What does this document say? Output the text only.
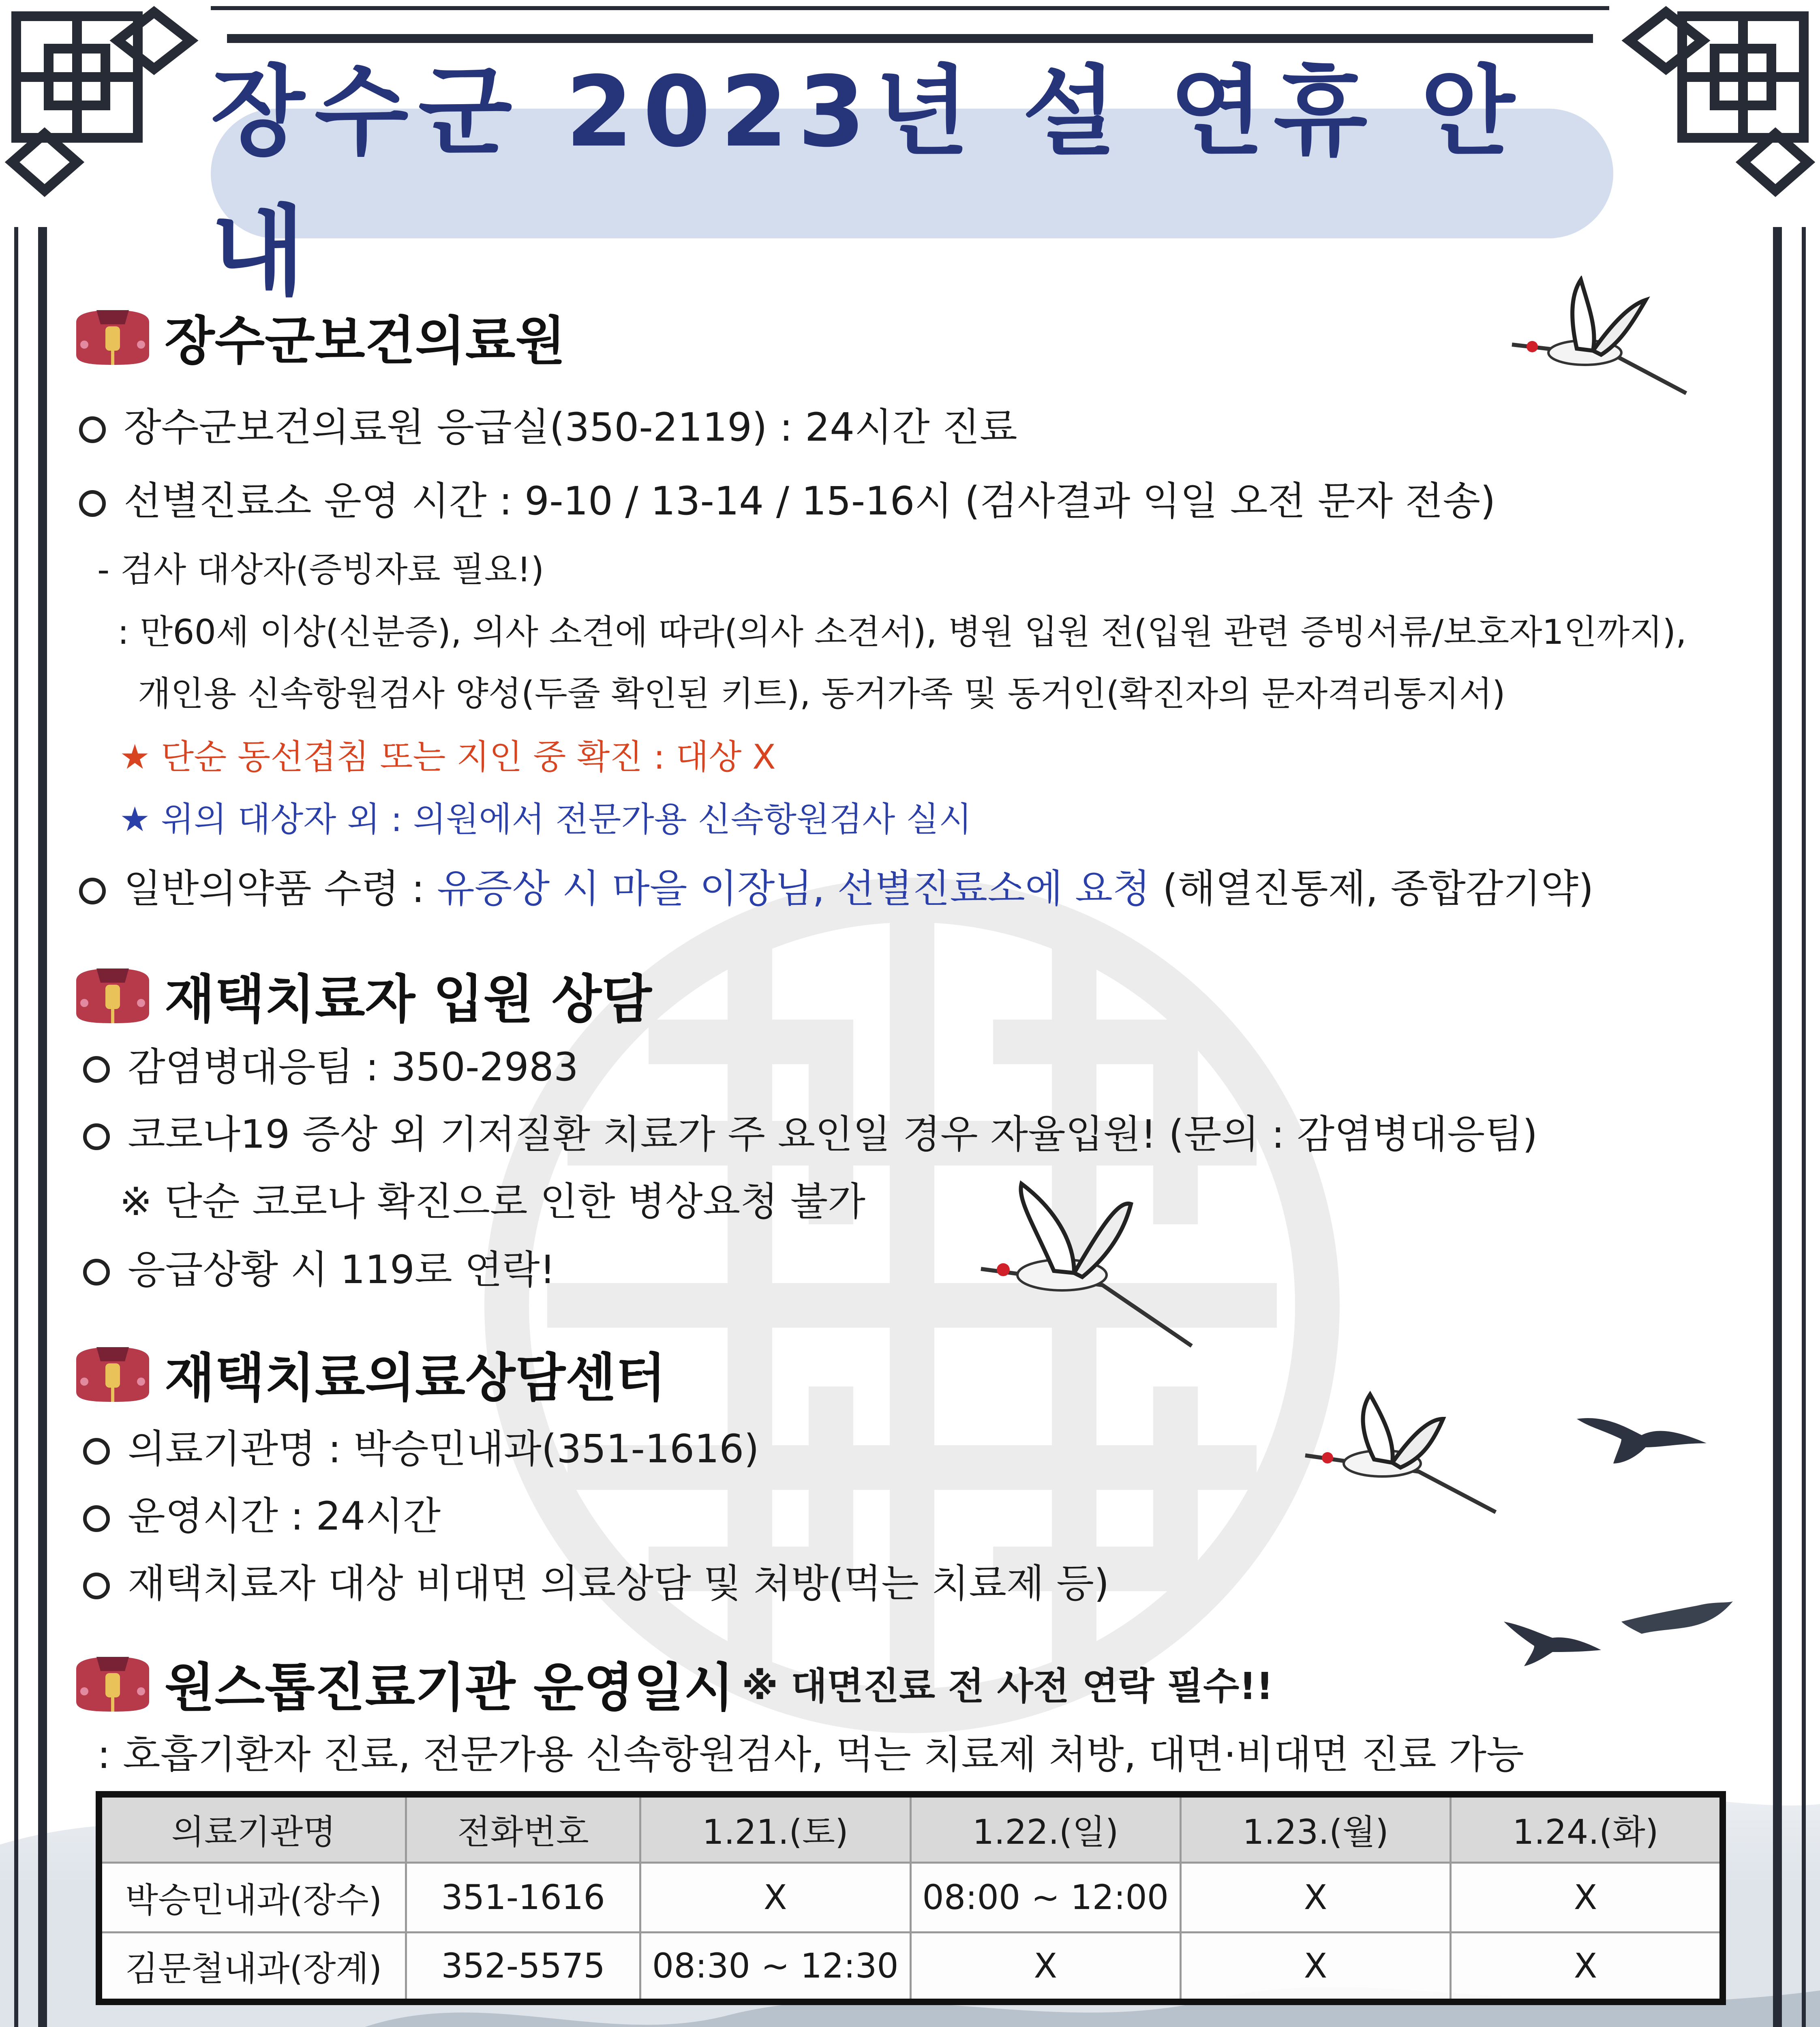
장수군 2023년 설 연휴 안내
장수군보건의료원
장수군보건의료원 응급실(350-2119) : 24시간 진료
선별진료소 운영 시간 : 9-10 / 13-14 / 15-16시 (검사결과 익일 오전 문자 전송)
- 검사 대상자(증빙자료 필요!)
: 만60세 이상(신분증), 의사 소견에 따라(의사 소견서), 병원 입원 전(입원 관련 증빙서류/보호자1인까지),
개인용 신속항원검사 양성(두줄 확인된 키트), 동거가족 및 동거인(확진자의 문자격리통지서)
★ 단순 동선겹침 또는 지인 중 확진 : 대상 X
★ 위의 대상자 외 : 의원에서 전문가용 신속항원검사 실시
일반의약품 수령 : 유증상 시 마을 이장님, 선별진료소에 요청 (해열진통제, 종합감기약)
재택치료자 입원 상담
감염병대응팀 : 350-2983
코로나19 증상 외 기저질환 치료가 주 요인일 경우 자율입원! (문의 : 감염병대응팀)
※ 단순 코로나 확진으로 인한 병상요청 불가
응급상황 시 119로 연락!
재택치료의료상담센터
의료기관명 : 박승민내과(351-1616)
운영시간 : 24시간
재택치료자 대상 비대면 의료상담 및 처방(먹는 치료제 등)
원스톱진료기관 운영일시 ※ 대면진료 전 사전 연락 필수!!
: 호흡기환자 진료, 전문가용 신속항원검사, 먹는 치료제 처방, 대면·비대면 진료 가능
의료기관명	전화번호	1.21.(토)	1.22.(일)	1.23.(월)	1.24.(화)
박승민내과(장수)	351-1616	X	08:00 ~ 12:00	X	X
김문철내과(장계)	352-5575	08:30 ~ 12:30	X	X	X
